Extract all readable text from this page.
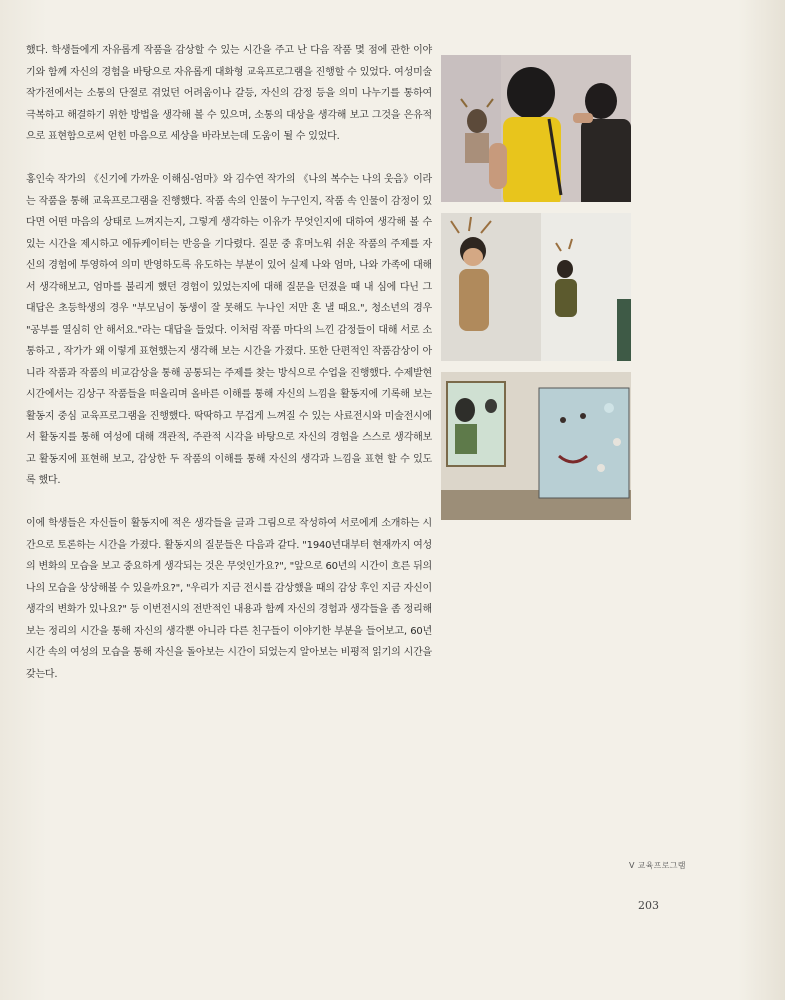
했다. 학생들에게 자유롭게 작품을 감상할 수 있는 시간을 주고 난 다음 작품 몇 점에 관한 이야기와 함께 자신의 경험을 바탕으로 자유롭게 대화형 교육프로그램을 진행할 수 있었다. 여성미술작가전에서는 소통의 단절로 겪었던 어려움이나 갈등, 자신의 감정 등을 의미 나누기를 통하여 극복하고 해결하기 위한 방법을 생각해 볼 수 있으며, 소통의 대상을 생각해 보고 그것을 은유적으로 표현함으로써 얻힌 마음으로 세상을 바라보는데 도움이 될 수 있었다.

홍인숙 작가의 《신기에 가까운 이해심-엄마》와 김수연 작가의 《나의 복수는 나의 웃음》이라는 작품을 통해 교육프로그램을 진행했다. 작품 속의 인물이 누구인지, 작품 속 인물이 감정이 있다면 어떤 마음의 상태로 느껴지는지, 그렇게 생각하는 이유가 무엇인지에 대하여 생각해 볼 수 있는 시간을 제시하고 에듀케이터는 반응을 기다렸다. 질문 중 휴머노워 쉬운 작품의 주제를 자신의 경험에 투영하여 의미 반영하도록 유도하는 부분이 있어 실제 나와 엄마, 나와 가족에 대해서 생각해보고, 엄마를 불리게 했던 경험이 있었는지에 대해 질문을 던졌을 때 내 심에 다닌 그 대답은 초등학생의 경우 "부모님이 동생이 잘 못해도 누나인 저만 혼 낼 때요.", 청소년의 경우 "공부를 열심히 안 해서요."라는 대답을 들었다. 이처럼 작품 마다의 느낀 감정들이 대해 서로 소통하고 , 작가가 왜 이렇게 표현했는지 생각해 보는 시간을 가졌다. 또한 단편적인 작품감상이 아니라 작품과 작품의 비교감상을 통해 공통되는 주제를 찾는 방식으로 수업을 진행했다. 수제발현시간에서는 김상구 작품들을 떠올리며 올바른 이해를 통해 자신의 느낌을 활동지에 기록해 보는 활동지 중심 교육프로그램을 진행했다. 딱딱하고 무겁게 느껴질 수 있는 사료전시와 미술전시에서 활동지를 통해 여성에 대해 객관적, 주관적 시각을 바탕으로 자신의 경험을 스스로 생각해보고 활동지에 표현해 보고, 감상한 두 작품의 이해를 통해 자신의 생각과 느낌을 표현 할 수 있도록 했다.

이에 학생들은 자신들이 활동지에 적은 생각들을 글과 그림으로 작성하여 서로에게 소개하는 시간으로 토론하는 시간을 가졌다. 활동지의 질문들은 다음과 같다. "1940년대부터 현재까지 여성의 변화의 모습을 보고 중요하게 생각되는 것은 무엇인가요?", "앞으로 60년의 시간이 흐른 뒤의 나의 모습을 상상해볼 수 있을까요?", "우리가 지금 전시를 감상했을 때의 감상 후인 지금 자신이 생각의 변화가 있나요?" 등 이번전시의 전반적인 내용과 함께 자신의 경험과 생각들을 좀 정리해보는 정리의 시간을 통해 자신의 생각뿐 아니라 다른 친구들이 이야기한 부분을 들어보고, 60년 시간 속의 여성의 모습을 통해 자신을 돌아보는 시간이 되었는지 알아보는 비평적 읽기의 시간을 갖는다.

V 교육프로그램
203
